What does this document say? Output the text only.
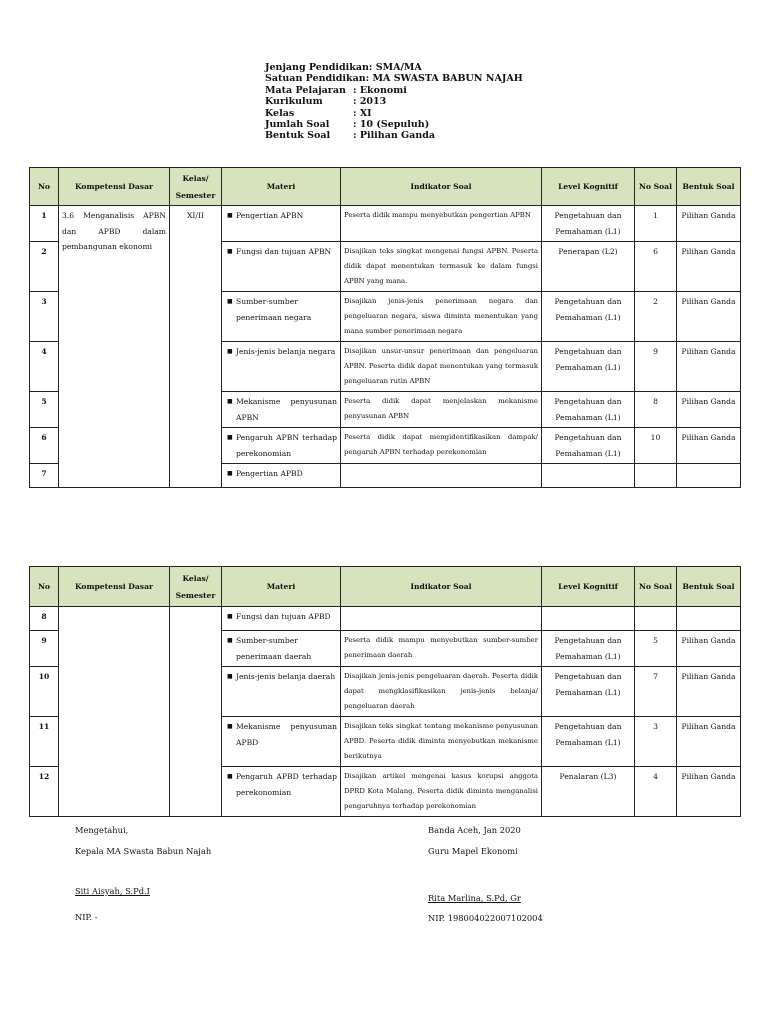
Jenjang Pendidikan:
SMA/MA
Satuan Pendidikan:
MA SWASTA BABUN NAJAH
Mata Pelajaran : Ekonomi
Kurikulum	: 2013
Kelas	: XI
Jumlah Soal	: 10 (Sepuluh)
Bentuk Soal	: Pilihan Ganda
No	Kompetensi Dasar	Kelas/
Semester	Materi	Indikator Soal	Level Kognitif	No Soal	Bentuk Soal
1	3.6 Menganalisis APBN dan APBD dalam pembangunan ekonomi	XI/II	■ Pengertian APBN	Peserta didik mampu menyebutkan pengertian APBN	Pengetahuan dan Pemahaman (L1)	1	Pilihan Ganda
2			■ Fungsi dan tujuan APBN	Disajikan teks singkat mengenai fungsi APBN. Peserta didik dapat menentukan termasuk ke dalam fungsi APBN yang mana.	Penerapan (L2)	6	Pilihan Ganda
3			■ Sumber-sumber penerimaan negara	Disajikan jenis-jenis penerimaan negara dan pengeluaran negara, siswa diminta menentukan yang mana sumber penerimaan negara	Pengetahuan dan Pemahaman (L1)	2	Pilihan Ganda
4			■ Jenis-jenis belanja negara	Disajikan unsur-unsur penerimaan dan pengeluaran APBN. Peserta didik dapat menentukan yang termasuk pengeluaran rutin APBN	Pengetahuan dan Pemahaman (L1)	9	Pilihan Ganda
5			■ Mekanisme penyusunan APBN	Peserta didik dapat menjelaskan mekanisme penyusunan APBN	Pengetahuan dan Pemahaman (L1)	8	Pilihan Ganda
6			■ Pengaruh APBN terhadap perekonomian	Peserta didik dapat mengidentifikasikan dampak/ pengaruh APBN terhadap perekonomian	Pengetahuan dan Pemahaman (L1)	10	Pilihan Ganda
7			■ Pengertian APBD				

No	Kompetensi Dasar	Kelas/
Semester	Materi	Indikator Soal	Level Kognitif	No Soal	Bentuk Soal
8			■ Fungsi dan tujuan APBD				

9			■ Sumber-sumber penerimaan daerah	Peserta didik mampu menyebutkan sumber-sumber penerimaan daerah	Pengetahuan dan Pemahaman (L1)	5	Pilihan Ganda
10			■ Jenis-jenis belanja daerah	Disajikan jenis-jenis pengeluaran daerah. Peserta didik dapat mengklasifikasikan jenis-jenis belanja/ pengeluaran daerah	Pengetahuan dan Pemahaman (L1)	7	Pilihan Ganda
11			■ Mekanisme penyusunan APBD	Disajikan teks singkat tentang mekanisme penyusunan APBD. Peserta didik diminta menyebutkan mekanisme berikutnya	Pengetahuan dan Pemahaman (L1)	3	Pilihan Ganda
12			■ Pengaruh APBD terhadap perekonomian	Disajikan artikel mengenai kasus korupsi anggota DPRD Kota Malang. Peserta didik diminta menganalisi pengaruhnya terhadap perekonomian	Penalaran (L3)	4	Pilihan Ganda
Mengetahui,
Kepala MA Swasta Babun Najah
Siti Aisyah, S.Pd.I
NIP. -
Banda Aceh, Jan 2020
Guru Mapel Ekonomi
Rita Marlina, S.Pd, Gr
NIP. 198004022007102004
